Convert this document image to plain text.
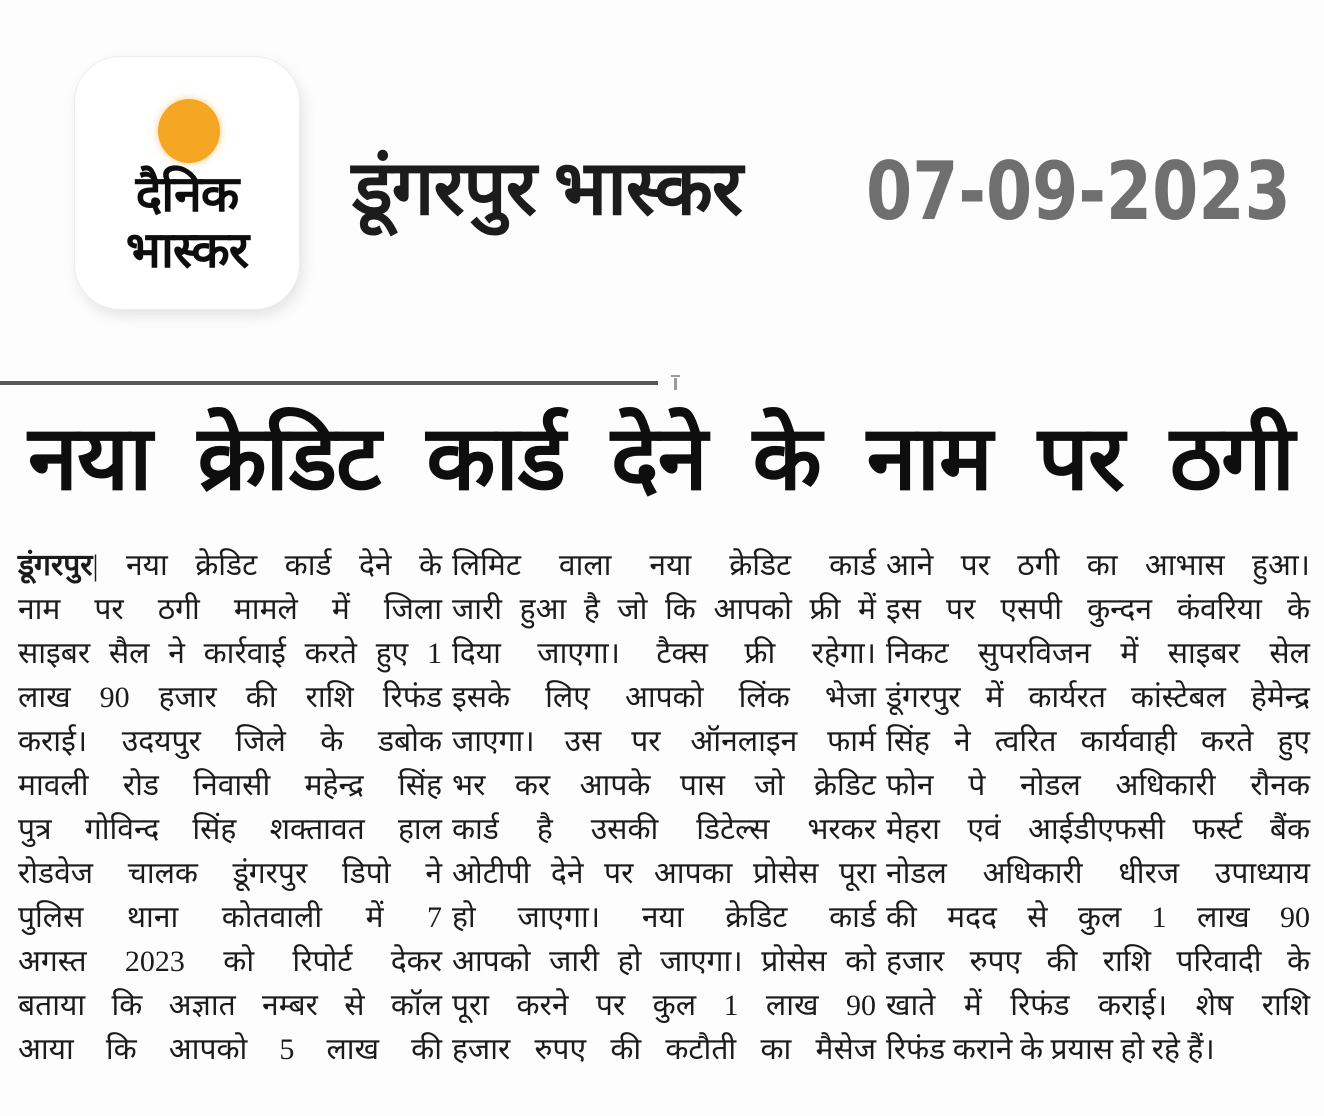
दैनिक
भास्कर
डूंगरपुर भास्कर 07-09-2023
नया क्रेडिट कार्ड देने के नाम पर ठगी
डूंगरपुर| नया क्रेडिट कार्ड देने के
नाम पर ठगी मामले में जिला
साइबर सैल ने कार्रवाई करते हुए 1
लाख 90 हजार की राशि रिफंड
कराई। उदयपुर जिले के डबोक
मावली रोड निवासी महेन्द्र सिंह
पुत्र गोविन्द सिंह शक्तावत हाल
रोडवेज चालक डूंगरपुर डिपो ने
पुलिस थाना कोतवाली में 7
अगस्त 2023 को रिपोर्ट देकर
बताया कि अज्ञात नम्बर से कॉल
आया कि आपको 5 लाख की
लिमिट वाला नया क्रेडिट कार्ड
जारी हुआ है जो कि आपको फ्री में
दिया जाएगा। टैक्स फ्री रहेगा।
इसके लिए आपको लिंक भेजा
जाएगा। उस पर ऑनलाइन फार्म
भर कर आपके पास जो क्रेडिट
कार्ड है उसकी डिटेल्स भरकर
ओटीपी देने पर आपका प्रोसेस पूरा
हो जाएगा। नया क्रेडिट कार्ड
आपको जारी हो जाएगा। प्रोसेस को
पूरा करने पर कुल 1 लाख 90
हजार रुपए की कटौती का मैसेज
आने पर ठगी का आभास हुआ।
इस पर एसपी कुन्दन कंवरिया के
निकट सुपरविजन में साइबर सेल
डूंगरपुर में कार्यरत कांस्टेबल हेमेन्द्र
सिंह ने त्वरित कार्यवाही करते हुए
फोन पे नोडल अधिकारी रौनक
मेहरा एवं आईडीएफसी फर्स्ट बैंक
नोडल अधिकारी धीरज उपाध्याय
की मदद से कुल 1 लाख 90
हजार रुपए की राशि परिवादी के
खाते में रिफंड कराई। शेष राशि
रिफंड कराने के प्रयास हो रहे हैं।
